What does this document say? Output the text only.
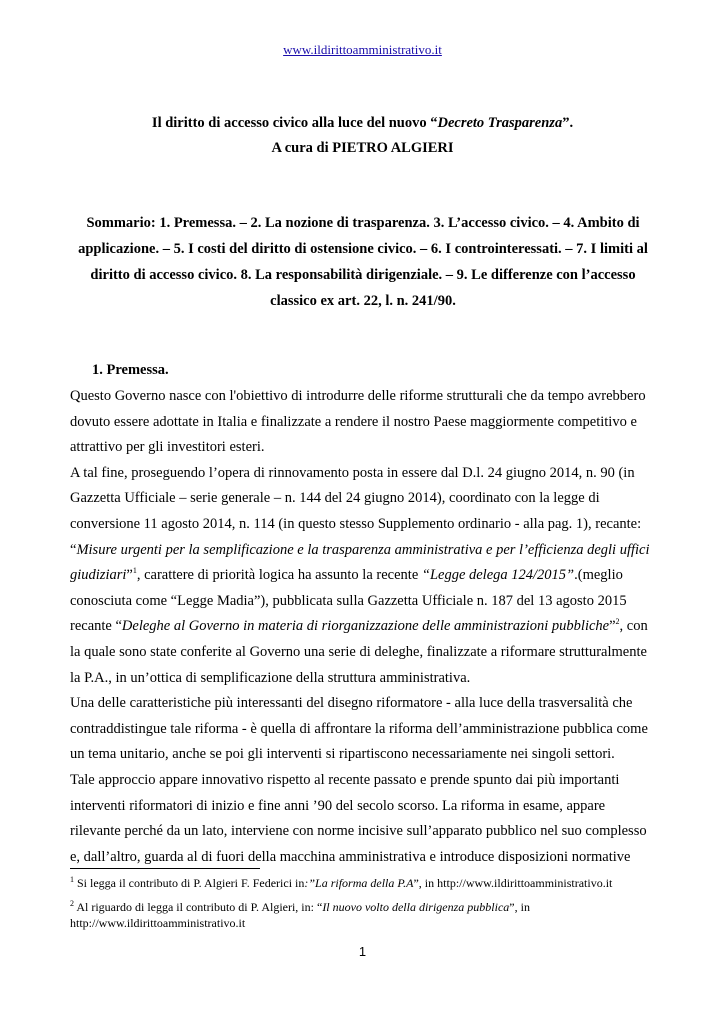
www.ildirittoamministrativo.it
Il diritto di accesso civico alla luce del nuovo “Decreto Trasparenza”.
A cura di PIETRO ALGIERI
Sommario: 1. Premessa. – 2. La nozione di trasparenza. 3. L’accesso civico. – 4. Ambito di applicazione. – 5. I costi del diritto di ostensione civico. – 6. I controinteressati. – 7. I limiti al diritto di accesso civico. 8. La responsabilità dirigenziale. – 9. Le differenze con l’accesso classico ex art. 22, l. n. 241/90.
1. Premessa.

Questo Governo nasce con l'obiettivo di introdurre delle riforme strutturali che da tempo avrebbero dovuto essere adottate in Italia e finalizzate a rendere il nostro Paese maggiormente competitivo e attrattivo per gli investitori esteri.

A tal fine, proseguendo l’opera di rinnovamento posta in essere dal D.l. 24 giugno 2014, n. 90 (in Gazzetta Ufficiale – serie generale – n. 144 del 24 giugno 2014), coordinato con la legge di conversione 11 agosto 2014, n. 114 (in questo stesso Supplemento ordinario - alla pag. 1), recante: “Misure urgenti per la semplificazione e la trasparenza amministrativa e per l’efficienza degli uffici giudiziari”$^1$, carattere di priorità logica ha assunto la recente “Legge delega 124/2015”.(meglio conosciuta come “Legge Madia”), pubblicata sulla Gazzetta Ufficiale n. 187 del 13 agosto 2015 recante “Deleghe al Governo in materia di riorganizzazione delle amministrazioni pubbliche”$^2$, con la quale sono state conferite al Governo una serie di deleghe, finalizzate a riformare strutturalmente la P.A., in un’ottica di semplificazione della struttura amministrativa.

Una delle caratteristiche più interessanti del disegno riformatore - alla luce della trasversalità che contraddistingue tale riforma - è quella di affrontare la riforma dell’amministrazione pubblica come un tema unitario, anche se poi gli interventi si ripartiscono necessariamente nei singoli settori.

Tale approccio appare innovativo rispetto al recente passato e prende spunto dai più importanti interventi riformatori di inizio e fine anni ’90 del secolo scorso. La riforma in esame, appare rilevante perché da un lato, interviene con norme incisive sull’apparato pubblico nel suo complesso e, dall’altro, guarda al di fuori della macchina amministrativa e introduce disposizioni normative

$^1$ Si legga il contributo di P. Algieri F. Federici in:”La riforma della P.A”, in http://www.ildirittoamministrativo.it

$^2$ Al riguardo di legga il contributo di P. Algieri, in: “Il nuovo volto della dirigenza pubblica”, in http://www.ildirittoamministrativo.it

1
